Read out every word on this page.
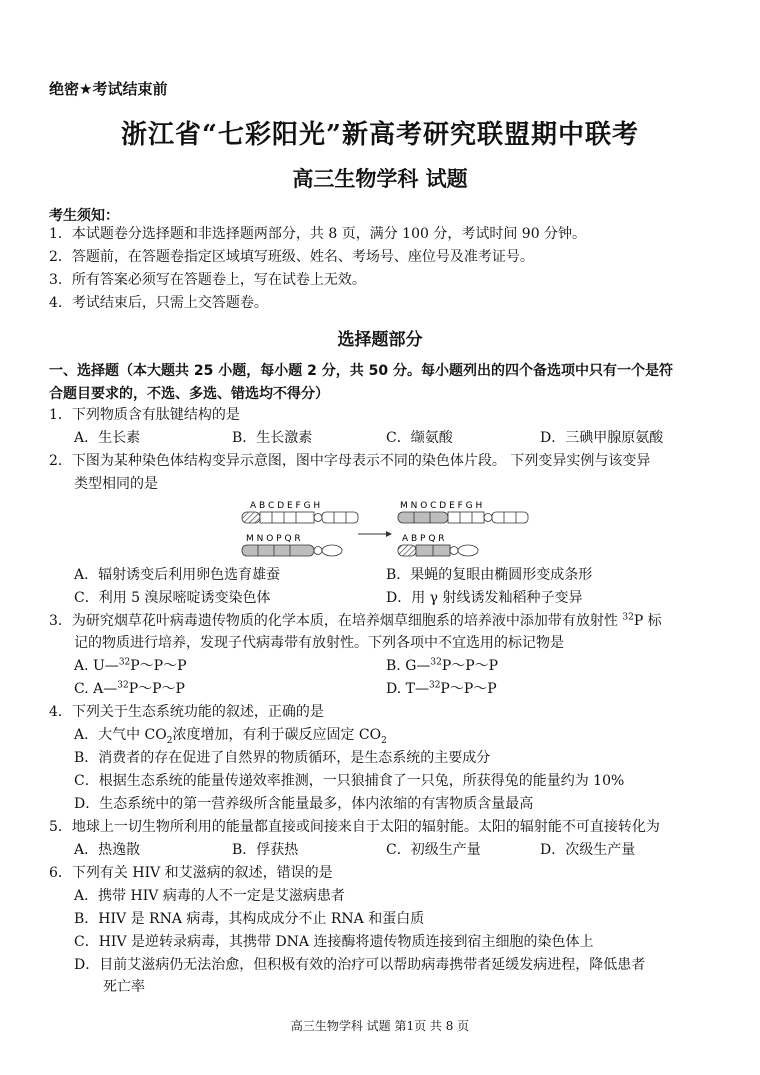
绝密★考试结束前
浙江省“七彩阳光”新高考研究联盟期中联考
高三生物学科 试题
考生须知：
1．本试题卷分选择题和非选择题两部分，共 8 页，满分 100 分，考试时间 90 分钟。
2．答题前，在答题卷指定区域填写班级、姓名、考场号、座位号及准考证号。
3．所有答案必须写在答题卷上，写在试卷上无效。
4．考试结束后，只需上交答题卷。
选择题部分
一、选择题（本大题共 25 小题，每小题 2 分，共 50 分。每小题列出的四个备选项中只有一个是符
合题目要求的，不选、多选、错选均不得分）
1．下列物质含有肽键结构的是
A．生长素	B．生长激素	C．缬氨酸	D．三碘甲腺原氨酸
2．下图为某种染色体结构变异示意图，图中字母表示不同的染色体片段。 下列变异实例与该变异
类型相同的是
A B C D E F G H
M N O P Q R
M N O C D E F G H
A B P Q R
A．辐射诱变后利用卵色选育雄蚕	B．果蝇的复眼由椭圆形变成条形
C．利用 5 溴尿嘧啶诱变染色体	D．用 γ 射线诱发籼稻种子变异
3．为研究烟草花叶病毒遗传物质的化学本质，在培养烟草细胞系的培养液中添加带有放射性 $^{32}$P 标
记的物质进行培养，发现子代病毒带有放射性。下列各项中不宜选用的标记物是
A. U—$^{32}$P～P～P	B. G—$^{32}$P～P～P
C. A—$^{32}$P～P～P	D. T—$^{32}$P～P～P
4．下列关于生态系统功能的叙述，正确的是
A．大气中 $CO_2$浓度增加，有利于碳反应固定 $CO_2$
B．消费者的存在促进了自然界的物质循环，是生态系统的主要成分
C．根据生态系统的能量传递效率推测，一只狼捕食了一只兔，所获得兔的能量约为 10%
D．生态系统中的第一营养级所含能量最多，体内浓缩的有害物质含量最高
5．地球上一切生物所利用的能量都直接或间接来自于太阳的辐射能。太阳的辐射能不可直接转化为
A．热逸散	B．俘获热	C．初级生产量	D．次级生产量
6．下列有关 HIV 和艾滋病的叙述，错误的是
A．携带 HIV 病毒的人不一定是艾滋病患者
B．HIV 是 RNA 病毒，其构成成分不止 RNA 和蛋白质
C．HIV 是逆转录病毒，其携带 DNA 连接酶将遗传物质连接到宿主细胞的染色体上
D．目前艾滋病仍无法治愈，但积极有效的治疗可以帮助病毒携带者延缓发病进程，降低患者
死亡率
高三生物学科 试题 第1页 共 8 页
